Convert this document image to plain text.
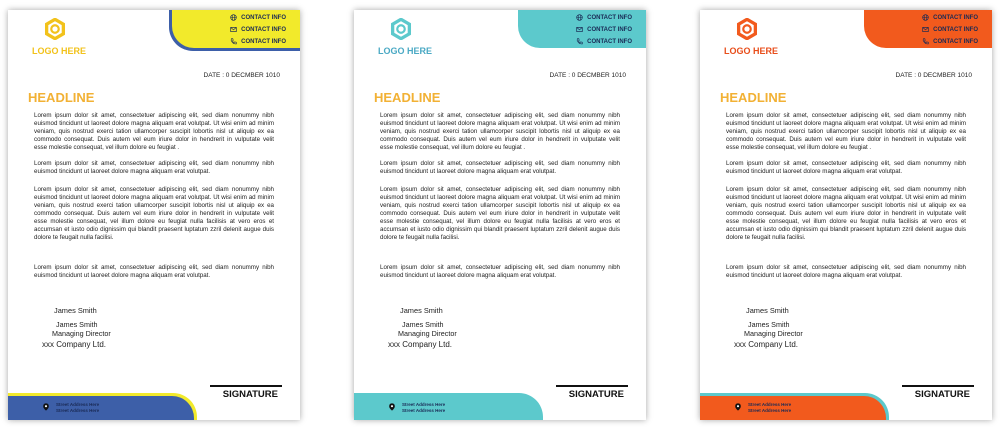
CONTACT INFO
CONTACT INFO
CONTACT INFO
LOGO HERE
DATE : 0 DECMBER 1010
HEADLINE

Lorem ipsum dolor sit amet, consectetuer adipiscing elit, sed diam nonummy nibh euismod tincidunt ut laoreet dolore magna aliquam erat volutpat. Ut wisi enim ad minim veniam, quis nostrud exerci tation ullamcorper suscipit lobortis nisl ut aliquip ex ea commodo consequat. Duis autem vel eum iriure dolor in hendrerit in vulputate velit esse molestie consequat, vel illum dolore eu feugiat .

Lorem ipsum dolor sit amet, consectetuer adipiscing elit, sed diam nonummy nibh euismod tincidunt ut laoreet dolore magna aliquam erat volutpat.

Lorem ipsum dolor sit amet, consectetuer adipiscing elit, sed diam nonummy nibh euismod tincidunt ut laoreet dolore magna aliquam erat volutpat. Ut wisi enim ad minim veniam, quis nostrud exerci tation ullamcorper suscipit lobortis nisl ut aliquip ex ea commodo consequat. Duis autem vel eum iriure dolor in hendrerit in vulputate velit esse molestie consequat, vel illum dolore eu feugiat nulla facilisis at vero eros et accumsan et iusto odio dignissim qui blandit praesent luptatum zzril delenit augue duis dolore te feugait nulla facilisi.

Lorem ipsum dolor sit amet, consectetuer adipiscing elit, sed diam nonummy nibh euismod tincidunt ut laoreet dolore magna aliquam erat volutpat.

James Smith
James Smith
Managing Director
xxx Company Ltd.
SIGNATURE
Street Address Here
Street Address Here
CONTACT INFO
CONTACT INFO
CONTACT INFO
LOGO HERE
DATE : 0 DECMBER 1010
HEADLINE

Lorem ipsum dolor sit amet, consectetuer adipiscing elit, sed diam nonummy nibh euismod tincidunt ut laoreet dolore magna aliquam erat volutpat. Ut wisi enim ad minim veniam, quis nostrud exerci tation ullamcorper suscipit lobortis nisl ut aliquip ex ea commodo consequat. Duis autem vel eum iriure dolor in hendrerit in vulputate velit esse molestie consequat, vel illum dolore eu feugiat .

Lorem ipsum dolor sit amet, consectetuer adipiscing elit, sed diam nonummy nibh euismod tincidunt ut laoreet dolore magna aliquam erat volutpat.

Lorem ipsum dolor sit amet, consectetuer adipiscing elit, sed diam nonummy nibh euismod tincidunt ut laoreet dolore magna aliquam erat volutpat. Ut wisi enim ad minim veniam, quis nostrud exerci tation ullamcorper suscipit lobortis nisl ut aliquip ex ea commodo consequat. Duis autem vel eum iriure dolor in hendrerit in vulputate velit esse molestie consequat, vel illum dolore eu feugiat nulla facilisis at vero eros et accumsan et iusto odio dignissim qui blandit praesent luptatum zzril delenit augue duis dolore te feugait nulla facilisi.

Lorem ipsum dolor sit amet, consectetuer adipiscing elit, sed diam nonummy nibh euismod tincidunt ut laoreet dolore magna aliquam erat volutpat.

James Smith
James Smith
Managing Director
xxx Company Ltd.
SIGNATURE
Street Address Here
Street Address Here
CONTACT INFO
CONTACT INFO
CONTACT INFO
LOGO HERE
DATE : 0 DECMBER 1010
HEADLINE

Lorem ipsum dolor sit amet, consectetuer adipiscing elit, sed diam nonummy nibh euismod tincidunt ut laoreet dolore magna aliquam erat volutpat. Ut wisi enim ad minim veniam, quis nostrud exerci tation ullamcorper suscipit lobortis nisl ut aliquip ex ea commodo consequat. Duis autem vel eum iriure dolor in hendrerit in vulputate velit esse molestie consequat, vel illum dolore eu feugiat .

Lorem ipsum dolor sit amet, consectetuer adipiscing elit, sed diam nonummy nibh euismod tincidunt ut laoreet dolore magna aliquam erat volutpat.

Lorem ipsum dolor sit amet, consectetuer adipiscing elit, sed diam nonummy nibh euismod tincidunt ut laoreet dolore magna aliquam erat volutpat. Ut wisi enim ad minim veniam, quis nostrud exerci tation ullamcorper suscipit lobortis nisl ut aliquip ex ea commodo consequat. Duis autem vel eum iriure dolor in hendrerit in vulputate velit esse molestie consequat, vel illum dolore eu feugiat nulla facilisis at vero eros et accumsan et iusto odio dignissim qui blandit praesent luptatum zzril delenit augue duis dolore te feugait nulla facilisi.

Lorem ipsum dolor sit amet, consectetuer adipiscing elit, sed diam nonummy nibh euismod tincidunt ut laoreet dolore magna aliquam erat volutpat.

James Smith
James Smith
Managing Director
xxx Company Ltd.
SIGNATURE
Street Address Here
Street Address Here
